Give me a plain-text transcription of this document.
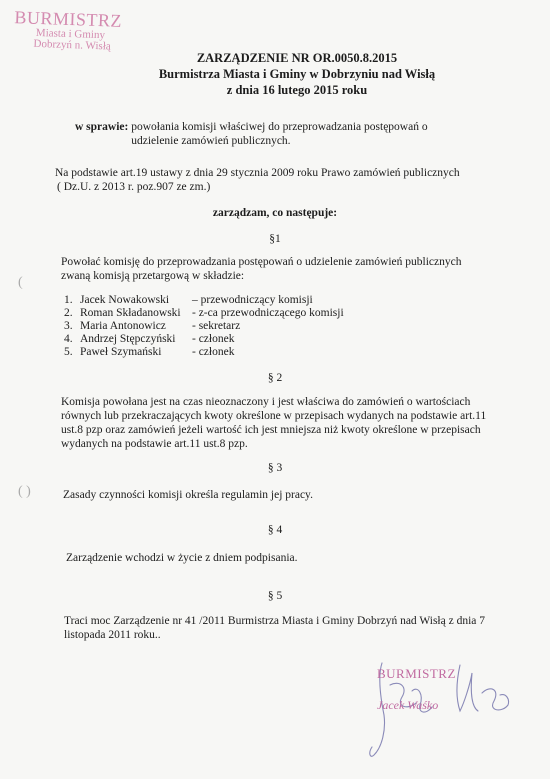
BURMISTRZ
Miasta i Gminy
Dobrzyń n. Wisłą
ZARZĄDZENIE NR OR.0050.8.2015
Burmistrza Miasta i Gminy w Dobrzyniu nad Wisłą
z dnia 16 lutego 2015 roku
w sprawie: powołania komisji właściwej do przeprowadzania postępowań o udzielenie zamówień publicznych.
Na podstawie art.19 ustawy z dnia 29 stycznia 2009 roku Prawo zamówień publicznych
( Dz.U. z 2013 r. poz.907 ze zm.)
zarządzam, co następuje:
§1
Powołać komisję do przeprowadzania postępowań o udzielenie zamówień publicznych zwaną komisją przetargową w składzie:
(
1. Jacek Nowakowski – przewodniczący komisji
2. Roman Składanowski - z-ca przewodniczącego komisji
3. Maria Antonowicz - sekretarz
4. Andrzej Stępczyński - członek
5. Paweł Szymański	- członek
§ 2
Komisja powołana jest na czas nieoznaczony i jest właściwa do zamówień o wartościach równych lub przekraczających kwoty określone w przepisach wydanych na podstawie art.11 ust.8 pzp oraz zamówień jeżeli wartość ich jest mniejsza niż kwoty określone w przepisach wydanych na podstawie art.11 ust.8 pzp.
§ 3
( )	Zasady czynności komisji określa regulamin jej pracy.
§ 4
Zarządzenie wchodzi w życie z dniem podpisania.
§ 5
Traci moc Zarządzenie nr 41 /2011 Burmistrza Miasta i Gminy Dobrzyń nad Wisłą z dnia 7 listopada 2011 roku..
BURMISTRZ
Jacek Waśko
